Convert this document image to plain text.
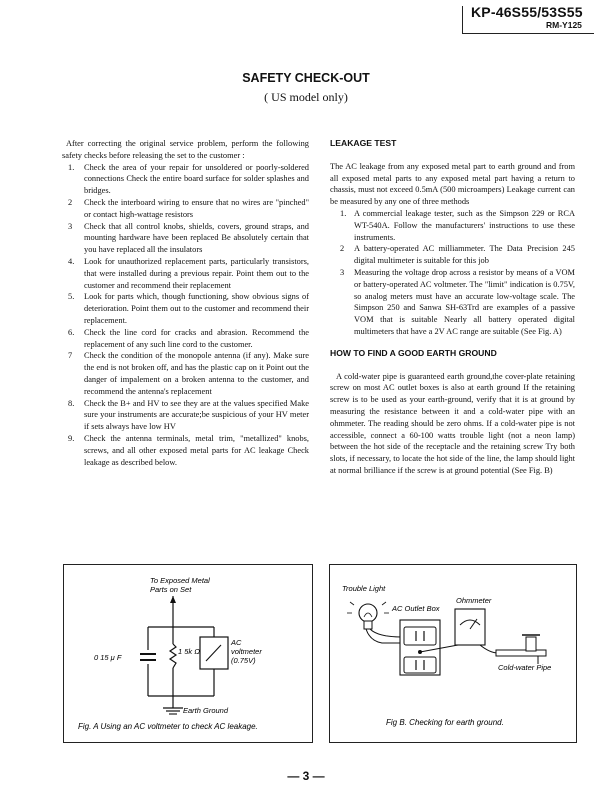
KP-46S55/53S55
RM-Y125
SAFETY CHECK-OUT
( US model only)

After correcting the original service problem, perform the following safety checks before releasing the set to the customer :

1. Check the area of your repair for unsoldered or poorly-soldered connections Check the entire board surface for solder splashes and bridges.
2 Check the interboard wiring to ensure that no wires are "pinched" or contact high-wattage resistors
3 Check that all control knobs, shields, covers, ground straps, and mounting hardware have been replaced Be absolutely certain that you have replaced all the insulators
4. Look for unauthorized replacement parts, particularly transistors, that were installed during a previous repair. Point them out to the customer and recommend their replacement
5. Look for parts which, though functioning, show obvious signs of deterioration. Point them out to the customer and recommend their replacement.
6. Check the line cord for cracks and abrasion. Recommend the replacement of any such line cord to the customer.
7 Check the condition of the monopole antenna (if any). Make sure the end is not broken off, and has the plastic cap on it Point out the danger of impalement on a broken antenna to the customer, and recommend the antenna's replacement
8. Check the B+ and HV to see they are at the values specified Make sure your instruments are accurate;be suspicious of your HV meter if sets always have low HV
9. Check the antenna terminals, metal trim, "metallized" knobs, screws, and all other exposed metal parts for AC leakage Check leakage as described below.
LEAKAGE TEST

The AC leakage from any exposed metal part to earth ground and from all exposed metal parts to any exposed metal part having a return to chassis, must not exceed 0.5mA (500 microampers) Leakage current can be measured by any one of three methods

1. A commercial leakage tester, such as the Simpson 229 or RCA WT-540A. Follow the manufacturers' instructions to use these instruments.
2 A battery-operated AC milliammeter. The Data Precision 245 digital multimeter is suitable for this job
3 Measuring the voltage drop across a resistor by means of a VOM or battery-operated AC voltmeter. The "limit" indication is 0.75V, so analog meters must have an accurate low-voltage scale. The Simpson 250 and Sanwa SH-63Trd are examples of a passive VOM that is suitable Nearly all battery operated digital multimeters that have a 2V AC range are suitable (See Fig. A)
HOW TO FIND A GOOD EARTH GROUND

A cold-water pipe is guaranteed earth ground,the cover-plate retaining screw on most AC outlet boxes is also at earth ground If the retaining screw is to be used as your earth-ground, verify that it is at ground by measuring the resistance between it and a cold-water pipe with an ohmmeter. The reading should be zero ohms. If a cold-water pipe is not accessible, connect a 60-100 watts trouble light (not a neon lamp) between the hot side of the receptacle and the retaining screw Try both slots, if necessary, to locate the hot side of the line, the lamp should light at normal brilliance if the screw is at ground potential (See Fig. B)

To Exposed Metal
Parts on Set
0 15 μ F
1 5k Ω
AC
voltmeter
(0.75V)
Earth Ground
Fig. A Using an AC voltmeter to check AC leakage.
Trouble Light
AC Outlet Box
Ohmmeter
Cold-water Pipe
Fig B. Checking for earth ground.
— 3 —
